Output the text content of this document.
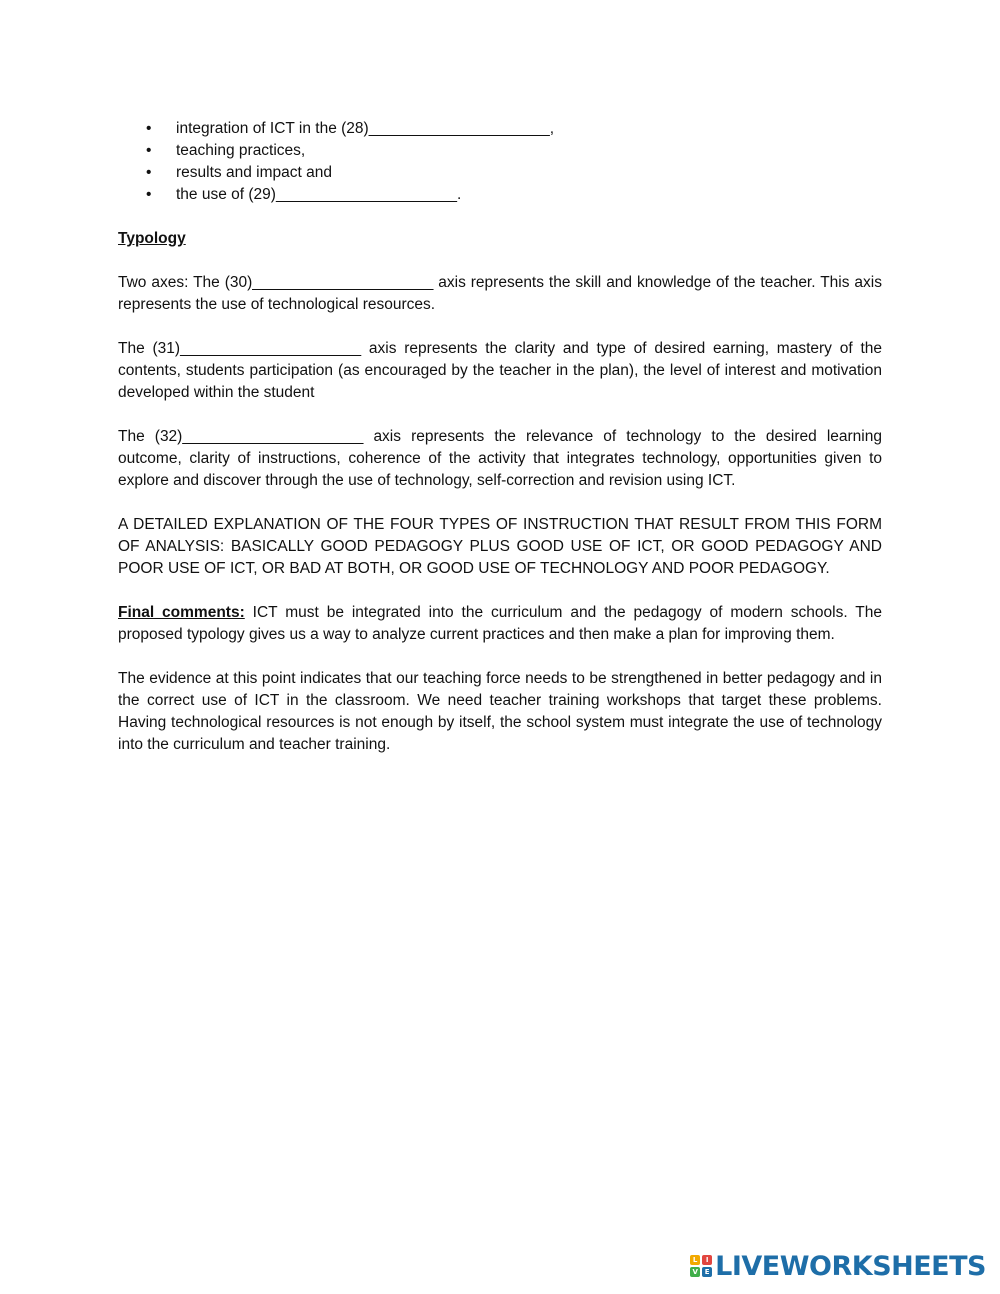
• integration of ICT in the (28)_____________________,
• teaching practices,
• results and impact and
• the use of (29)_____________________.
Typology

Two axes: The (30)_____________________ axis represents the skill and knowledge of the teacher. This axis represents the use of technological resources.

The (31)_____________________ axis represents the clarity and type of desired earning, mastery of the contents, students participation (as encouraged by the teacher in the plan), the level of interest and motivation developed within the student

The (32)_____________________ axis represents the relevance of technology to the desired learning outcome, clarity of instructions, coherence of the activity that integrates technology, opportunities given to explore and discover through the use of technology, self-correction and revision using ICT.

A DETAILED EXPLANATION OF THE FOUR TYPES OF INSTRUCTION THAT RESULT FROM THIS FORM OF ANALYSIS: BASICALLY GOOD PEDAGOGY PLUS GOOD USE OF ICT, OR GOOD PEDAGOGY AND POOR USE OF ICT, OR BAD AT BOTH, OR GOOD USE OF TECHNOLOGY AND POOR PEDAGOGY.

Final comments: ICT must be integrated into the curriculum and the pedagogy of modern schools. The proposed typology gives us a way to analyze current practices and then make a plan for improving them.

The evidence at this point indicates that our teaching force needs to be strengthened in better pedagogy and in the correct use of ICT in the classroom. We need teacher training workshops that target these problems. Having technological resources is not enough by itself, the school system must integrate the use of technology into the curriculum and teacher training.

L	I
V E LIVEWORKSHEETS
